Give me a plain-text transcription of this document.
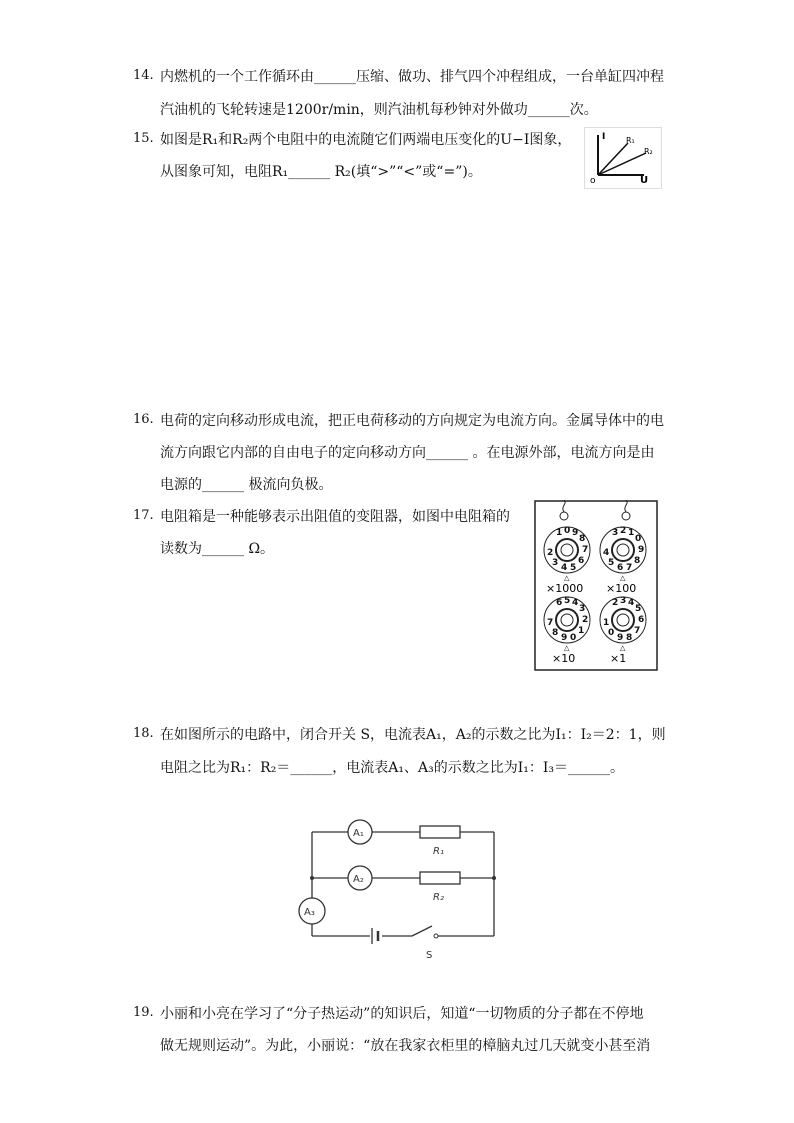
14. 内燃机的一个工作循环由______压缩、做功、排气四个冲程组成，一台单缸四冲程
汽油机的飞轮转速是1200r/min，则汽油机每秒钟对外做功______次。
15. 如图是R₁和R₂两个电阻中的电流随它们两端电压变化的U−I图象，
从图象可知，电阻R₁______ R₂(填“>”“<”或“=”)。
I
U
o
R₁
R₂
16. 电荷的定向移动形成电流，把正电荷移动的方向规定为电流方向。金属导体中的电
流方向跟它内部的自由电子的定向移动方向______ 。在电源外部，电流方向是由
电源的______ 极流向负极。
17. 电阻箱是一种能够表示出阻值的变阻器，如图中电阻箱的
读数为______ Ω。
1 0 9
8
7
6
5
4
3
2
△
×1000
3 2 1
0
9
8
7
6
5
4
△
×100
6 5 4
3
2
1
0
9
8
7
△
×10
2 3 4
5
6
7
8
9
0
1
△
×1
18. 在如图所示的电路中，闭合开关 S，电流表A₁，A₂的示数之比为I₁：I₂＝2：1，则
电阻之比为R₁：R₂＝______，电流表A₁、A₃的示数之比为I₁：I₃＝______。
A₁
A₂
A₃
R₁
R₂
S
19. 小丽和小亮在学习了“分子热运动”的知识后，知道“一切物质的分子都在不停地
做无规则运动”。为此，小丽说：“放在我家衣柜里的樟脑丸过几天就变小甚至消
